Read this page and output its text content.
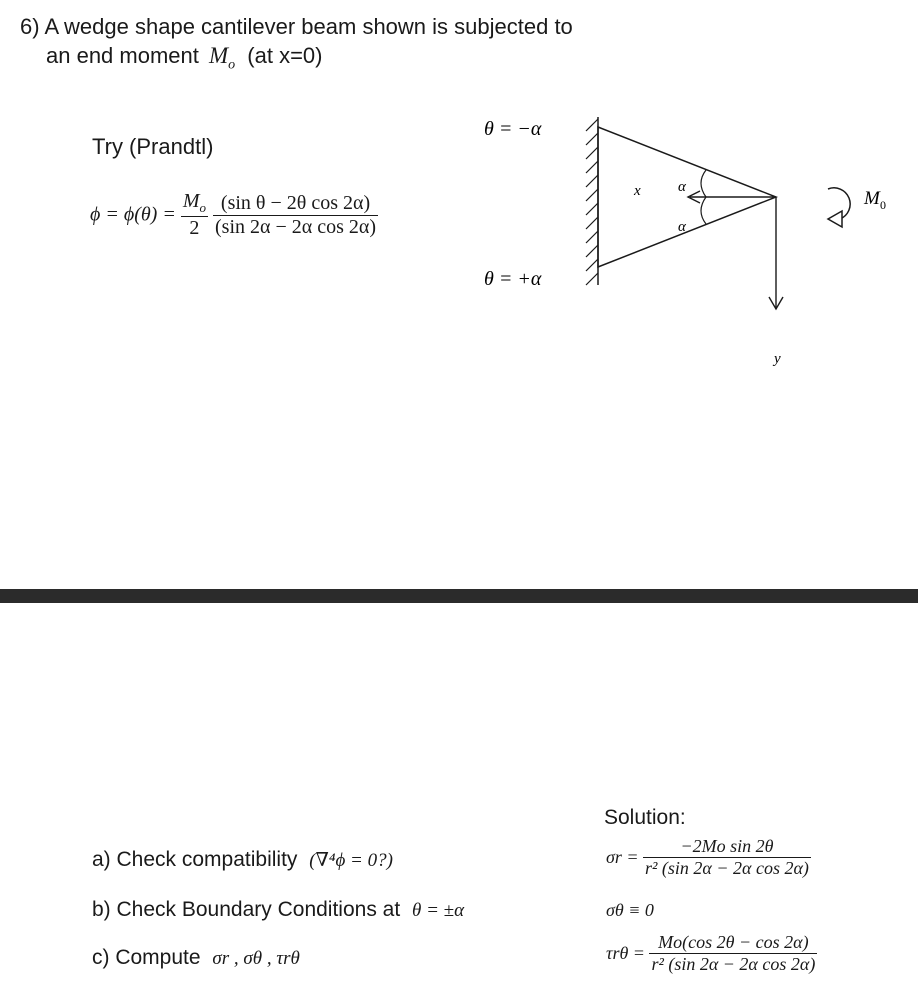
6) A wedge shape cantilever beam shown is subjected to
an end moment $M_o$ (at x=0)
Try (Prandtl)
$\phi = \phi(\theta) = \frac{M_o}{2}$
$\frac{\text{(sin θ − 2θ cos 2α)}}{\text{(sin 2α − 2α cos 2α)}}$
θ = −α
θ = +α
x α
α
y
M 0
a) Check compatibility (∇⁴ϕ = 0?)
b) Check Boundary Conditions at θ = ±α
c) Compute σr , σθ , τrθ
Solution:
$\sigma r = \frac{\text{−2Mo sin 2θ}}{\text{r² (sin 2α − 2α cos 2α)}}$
σθ ≡ 0
$\tau r\theta = \frac{Mo(\cos 2\theta - \cos 2\alpha)}{\text{r² (sin 2α − 2α cos 2α)}}$
